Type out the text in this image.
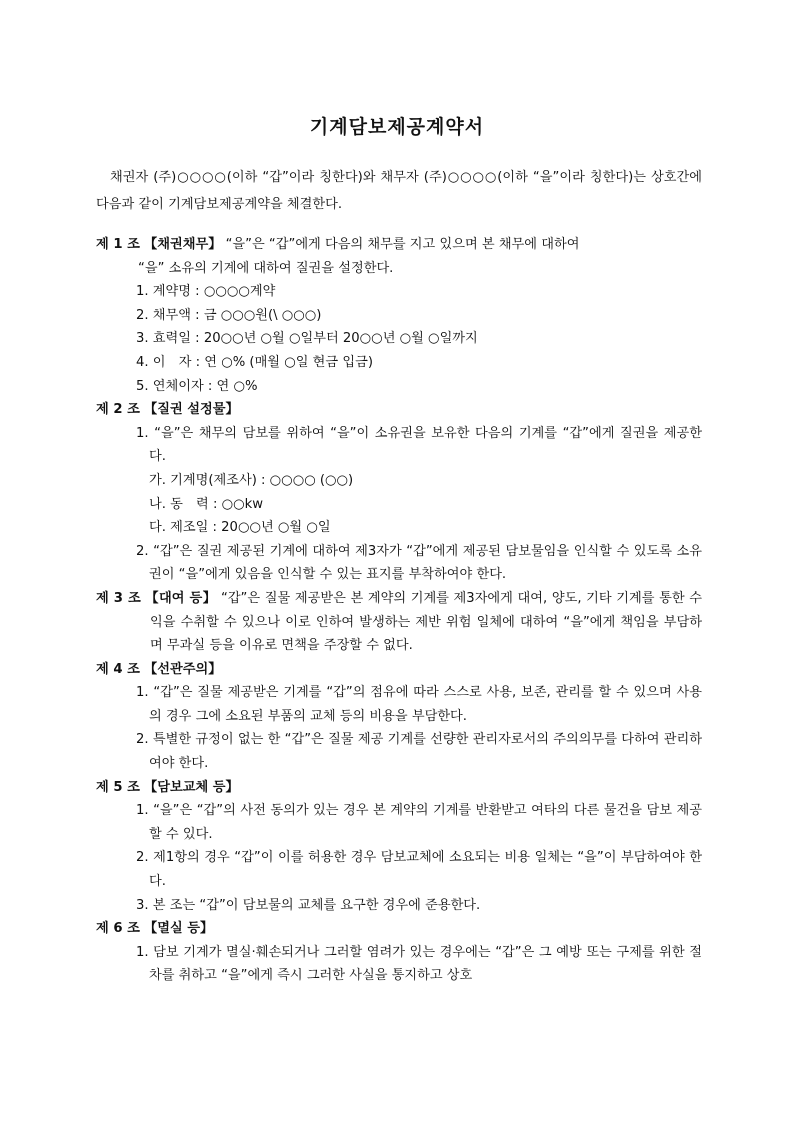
기계담보제공계약서

채권자 (주)○○○○(이하 “갑”이라 칭한다)와 채무자 (주)○○○○(이하 “을”이라 칭한다)는 상호간에 다음과 같이 기계담보제공계약을 체결한다.

제 1 조 【채권채무】 “을”은 “갑”에게 다음의 채무를 지고 있으며 본 채무에 대하여

“을” 소유의 기계에 대하여 질권을 설정한다.

1. 계약명 : ○○○○계약

2. 채무액 : 금 ○○○원(\ ○○○)

3. 효력일 : 20○○년 ○월 ○일부터 20○○년 ○월 ○일까지

4. 이　자 : 연 ○% (매월 ○일 현금 입금)

5. 연체이자 : 연 ○%

제 2 조 【질권 설정물】

1. “을”은 채무의 담보를 위하여 “을”이 소유권을 보유한 다음의 기계를 “갑”에게 질권을 제공한다.

가. 기계명(제조사) : ○○○○ (○○)

나. 동　력 : ○○kw

다. 제조일 : 20○○년 ○월 ○일

2. “갑”은 질권 제공된 기계에 대하여 제3자가 “갑”에게 제공된 담보물임을 인식할 수 있도록 소유권이 “을”에게 있음을 인식할 수 있는 표지를 부착하여야 한다.

제 3 조 【대여 등】 “갑”은 질물 제공받은 본 계약의 기계를 제3자에게 대여, 양도, 기타 기계를 통한 수익을 수취할 수 있으나 이로 인하여 발생하는 제반 위험 일체에 대하여 “을”에게 책임을 부담하며 무과실 등을 이유로 면책을 주장할 수 없다.

제 4 조 【선관주의】

1. “갑”은 질물 제공받은 기계를 “갑”의 점유에 따라 스스로 사용, 보존, 관리를 할 수 있으며 사용의 경우 그에 소요된 부품의 교체 등의 비용을 부담한다.

2. 특별한 규정이 없는 한 “갑”은 질물 제공 기계를 선량한 관리자로서의 주의의무를 다하여 관리하여야 한다.

제 5 조 【담보교체 등】

1. “을”은 “갑”의 사전 동의가 있는 경우 본 계약의 기계를 반환받고 여타의 다른 물건을 담보 제공할 수 있다.

2. 제1항의 경우 “갑”이 이를 허용한 경우 담보교체에 소요되는 비용 일체는 “을”이 부담하여야 한다.

3. 본 조는 “갑”이 담보물의 교체를 요구한 경우에 준용한다.

제 6 조 【멸실 등】

1. 담보 기계가 멸실·훼손되거나 그러할 염려가 있는 경우에는 “갑”은 그 예방 또는 구제를 위한 절차를 취하고 “을”에게 즉시 그러한 사실을 통지하고 상호
